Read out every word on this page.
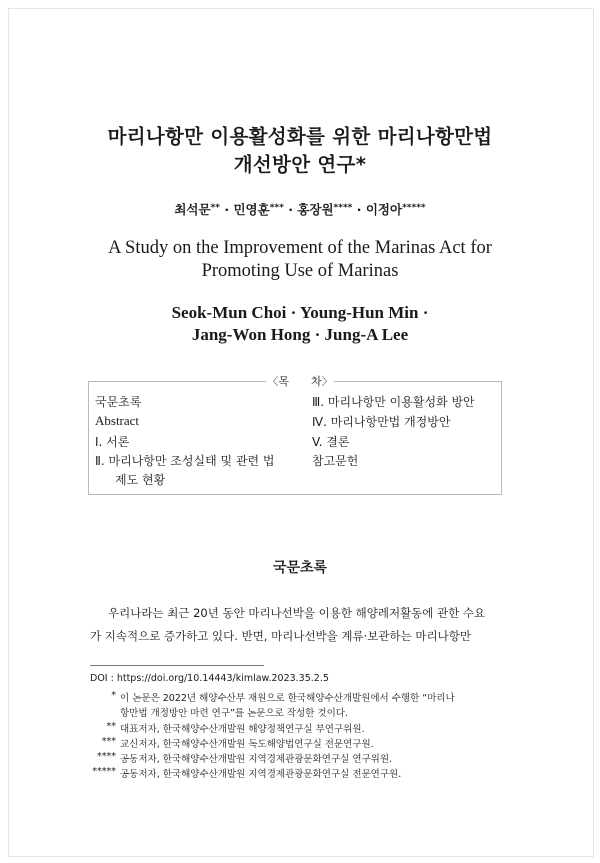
마리나항만 이용활성화를 위한 마리나항만법
개선방안 연구*
최석문** · 민영훈*** · 홍장원**** · 이정아*****
A Study on the Improvement of the Marinas Act for
Promoting Use of Marinas
Seok-Mun Choi · Young-Hun Min ·
Jang-Won Hong · Jung-A Lee
〈목　　차〉
국문초록
Abstract
Ⅰ. 서론
Ⅱ. 마리나항만 조성실태 및 관련 법
제도 현황
Ⅲ. 마리나항만 이용활성화 방안
Ⅳ. 마리나항만법 개정방안
V. 결론
참고문헌
국문초록
우리나라는 최근 20년 동안 마리나선박을 이용한 해양레저활동에 관한 수요
가 지속적으로 증가하고 있다. 반면, 마리나선박을 계류·보관하는 마리나항만
DOI : https://doi.org/10.14443/kimlaw.2023.35.2.5
* 이 논문은 2022년 해양수산부 재원으로 한국해양수산개발원에서 수행한 “마리나
항만법 개정방안 마련 연구”를 논문으로 작성한 것이다.
** 대표저자, 한국해양수산개발원 해양정책연구실 부연구위원.
*** 교신저자, 한국해양수산개발원 독도해양법연구실 전문연구원.
**** 공동저자, 한국해양수산개발원 지역경제관광문화연구실 연구위원.
***** 공동저자, 한국해양수산개발원 지역경제관광문화연구실 전문연구원.
